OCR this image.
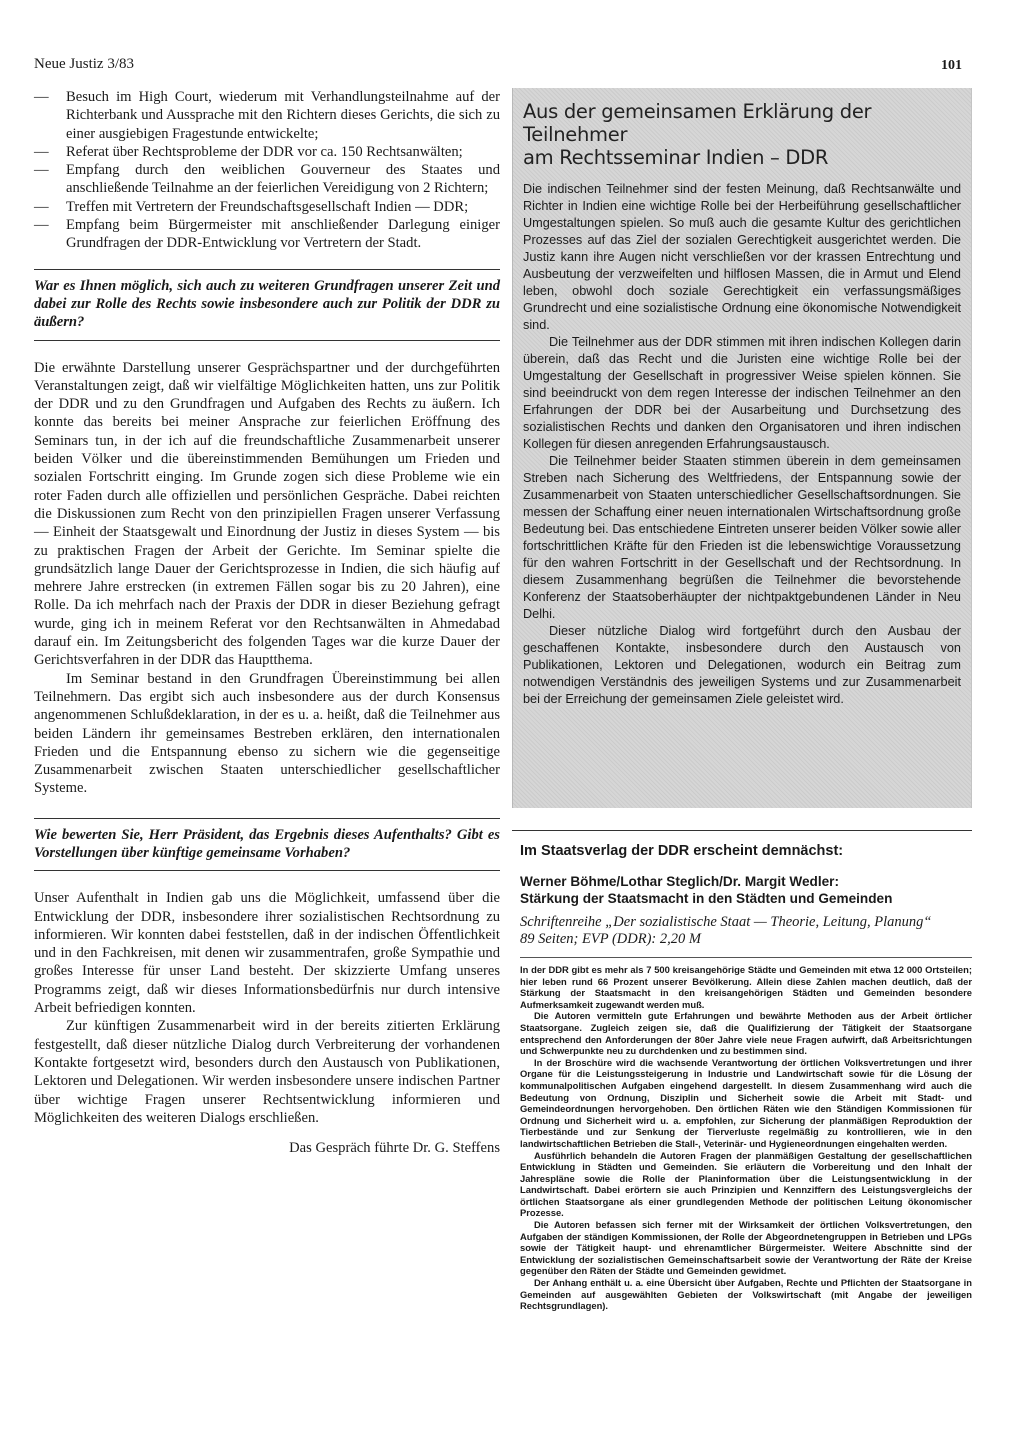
Neue Justiz 3/83	101
— Besuch im High Court, wiederum mit Verhandlungsteilnahme auf der Richterbank und Aussprache mit den Richtern dieses Gerichts, die sich zu einer ausgiebigen Fragestunde entwickelte;
— Referat über Rechtsprobleme der DDR vor ca. 150 Rechtsanwälten;
— Empfang durch den weiblichen Gouverneur des Staates und anschließende Teilnahme an der feierlichen Vereidigung von 2 Richtern;
— Treffen mit Vertretern der Freundschaftsgesellschaft Indien — DDR;
— Empfang beim Bürgermeister mit anschließender Darlegung einiger Grundfragen der DDR-Entwicklung vor Vertretern der Stadt.

War es Ihnen möglich, sich auch zu weiteren Grundfragen unserer Zeit und dabei zur Rolle des Rechts sowie insbesondere auch zur Politik der DDR zu äußern?

Die erwähnte Darstellung unserer Gesprächspartner und der durchgeführten Veranstaltungen zeigt, daß wir vielfältige Möglichkeiten hatten, uns zur Politik der DDR und zu den Grundfragen und Aufgaben des Rechts zu äußern. Ich konnte das bereits bei meiner Ansprache zur feierlichen Eröffnung des Seminars tun, in der ich auf die freundschaftliche Zusammenarbeit unserer beiden Völker und die übereinstimmenden Bemühungen um Frieden und sozialen Fortschritt einging. Im Grunde zogen sich diese Probleme wie ein roter Faden durch alle offiziellen und persönlichen Gespräche. Dabei reichten die Diskussionen zum Recht von den prinzipiellen Fragen unserer Verfassung — Einheit der Staatsgewalt und Einordnung der Justiz in dieses System — bis zu praktischen Fragen der Arbeit der Gerichte. Im Seminar spielte die grundsätzlich lange Dauer der Gerichtsprozesse in Indien, die sich häufig auf mehrere Jahre erstrecken (in extremen Fällen sogar bis zu 20 Jahren), eine Rolle. Da ich mehrfach nach der Praxis der DDR in dieser Beziehung gefragt wurde, ging ich in meinem Referat vor den Rechtsanwälten in Ahmedabad darauf ein. Im Zeitungsbericht des folgenden Tages war die kurze Dauer der Gerichtsverfahren in der DDR das Hauptthema.

Im Seminar bestand in den Grundfragen Übereinstimmung bei allen Teilnehmern. Das ergibt sich auch insbesondere aus der durch Konsensus angenommenen Schlußdeklaration, in der es u. a. heißt, daß die Teilnehmer aus beiden Ländern ihr gemeinsames Bestreben erklären, den internationalen Frieden und die Entspannung ebenso zu sichern wie die gegenseitige Zusammenarbeit zwischen Staaten unterschiedlicher gesellschaftlicher Systeme.

Wie bewerten Sie, Herr Präsident, das Ergebnis dieses Aufenthalts? Gibt es Vorstellungen über künftige gemeinsame Vorhaben?

Unser Aufenthalt in Indien gab uns die Möglichkeit, umfassend über die Entwicklung der DDR, insbesondere ihrer sozialistischen Rechtsordnung zu informieren. Wir konnten dabei feststellen, daß in der indischen Öffentlichkeit und in den Fachkreisen, mit denen wir zusammentrafen, große Sympathie und großes Interesse für unser Land besteht. Der skizzierte Umfang unseres Programms zeigt, daß wir dieses Informationsbedürfnis nur durch intensive Arbeit befriedigen konnten.

Zur künftigen Zusammenarbeit wird in der bereits zitierten Erklärung festgestellt, daß dieser nützliche Dialog durch Verbreiterung der vorhandenen Kontakte fortgesetzt wird, besonders durch den Austausch von Publikationen, Lektoren und Delegationen. Wir werden insbesondere unsere indischen Partner über wichtige Fragen unserer Rechtsentwicklung informieren und Möglichkeiten des weiteren Dialogs erschließen.

Das Gespräch führte Dr. G. Steffens

Aus der gemeinsamen Erklärung der Teilnehmer
am Rechtsseminar Indien – DDR

Die indischen Teilnehmer sind der festen Meinung, daß Rechtsanwälte und Richter in Indien eine wichtige Rolle bei der Herbeiführung gesellschaftlicher Umgestaltungen spielen. So muß auch die gesamte Kultur des gerichtlichen Prozesses auf das Ziel der sozialen Gerechtigkeit ausgerichtet werden. Die Justiz kann ihre Augen nicht verschließen vor der krassen Entrechtung und Ausbeutung der verzweifelten und hilflosen Massen, die in Armut und Elend leben, obwohl doch soziale Gerechtigkeit ein verfassungsmäßiges Grundrecht und eine sozialistische Ordnung eine ökonomische Notwendigkeit sind.

Die Teilnehmer aus der DDR stimmen mit ihren indischen Kollegen darin überein, daß das Recht und die Juristen eine wichtige Rolle bei der Umgestaltung der Gesellschaft in progressiver Weise spielen können. Sie sind beeindruckt von dem regen Interesse der indischen Teilnehmer an den Erfahrungen der DDR bei der Ausarbeitung und Durchsetzung des sozialistischen Rechts und danken den Organisatoren und ihren indischen Kollegen für diesen anregenden Erfahrungsaustausch.

Die Teilnehmer beider Staaten stimmen überein in dem gemeinsamen Streben nach Sicherung des Weltfriedens, der Entspannung sowie der Zusammenarbeit von Staaten unterschiedlicher Gesellschaftsordnungen. Sie messen der Schaffung einer neuen internationalen Wirtschaftsordnung große Bedeutung bei. Das entschiedene Eintreten unserer beiden Völker sowie aller fortschrittlichen Kräfte für den Frieden ist die lebenswichtige Voraussetzung für den wahren Fortschritt in der Gesellschaft und der Rechtsordnung. In diesem Zusammenhang begrüßen die Teilnehmer die bevorstehende Konferenz der Staatsoberhäupter der nichtpaktgebundenen Länder in Neu Delhi.

Dieser nützliche Dialog wird fortgeführt durch den Ausbau der geschaffenen Kontakte, insbesondere durch den Austausch von Publikationen, Lektoren und Delegationen, wodurch ein Beitrag zum notwendigen Verständnis des jeweiligen Systems und zur Zusammenarbeit bei der Erreichung der gemeinsamen Ziele geleistet wird.

Im Staatsverlag der DDR erscheint demnächst:

Werner Böhme/Lothar Steglich/Dr. Margit Wedler:

Stärkung der Staatsmacht in den Städten und Gemeinden

Schriftenreihe „Der sozialistische Staat — Theorie, Leitung, Planung“

89 Seiten; EVP (DDR): 2,20 M

In der DDR gibt es mehr als 7 500 kreisangehörige Städte und Gemeinden mit etwa 12 000 Ortsteilen; hier leben rund 66 Prozent unserer Bevölkerung. Allein diese Zahlen machen deutlich, daß der Stärkung der Staatsmacht in den kreisangehörigen Städten und Gemeinden besondere Aufmerksamkeit zugewandt werden muß.

Die Autoren vermitteln gute Erfahrungen und bewährte Methoden aus der Arbeit örtlicher Staatsorgane. Zugleich zeigen sie, daß die Qualifizierung der Tätigkeit der Staatsorgane entsprechend den Anforderungen der 80er Jahre viele neue Fragen aufwirft, daß Arbeitsrichtungen und Schwerpunkte neu zu durchdenken und zu bestimmen sind.

In der Broschüre wird die wachsende Verantwortung der örtlichen Volksvertretungen und ihrer Organe für die Leistungssteigerung in Industrie und Landwirtschaft sowie für die Lösung der kommunalpolitischen Aufgaben eingehend dargestellt. In diesem Zusammenhang wird auch die Bedeutung von Ordnung, Disziplin und Sicherheit sowie die Arbeit mit Stadt- und Gemeindeordnungen hervorgehoben. Den örtlichen Räten wie den Ständigen Kommissionen für Ordnung und Sicherheit wird u. a. empfohlen, zur Sicherung der planmäßigen Reproduktion der Tierbestände und zur Senkung der Tierverluste regelmäßig zu kontrollieren, wie in den landwirtschaftlichen Betrieben die Stall-, Veterinär- und Hygieneordnungen eingehalten werden.

Ausführlich behandeln die Autoren Fragen der planmäßigen Gestaltung der gesellschaftlichen Entwicklung in Städten und Gemeinden. Sie erläutern die Vorbereitung und den Inhalt der Jahrespläne sowie die Rolle der Planinformation über die Leistungsentwicklung in der Landwirtschaft. Dabei erörtern sie auch Prinzipien und Kennziffern des Leistungsvergleichs der örtlichen Staatsorgane als einer grundlegenden Methode der politischen Leitung ökonomischer Prozesse.

Die Autoren befassen sich ferner mit der Wirksamkeit der örtlichen Volksvertretungen, den Aufgaben der ständigen Kommissionen, der Rolle der Abgeordnetengruppen in Betrieben und LPGs sowie der Tätigkeit haupt- und ehrenamtlicher Bürgermeister. Weitere Abschnitte sind der Entwicklung der sozialistischen Gemeinschaftsarbeit sowie der Verantwortung der Räte der Kreise gegenüber den Räten der Städte und Gemeinden gewidmet.

Der Anhang enthält u. a. eine Übersicht über Aufgaben, Rechte und Pflichten der Staatsorgane in Gemeinden auf ausgewählten Gebieten der Volkswirtschaft (mit Angabe der jeweiligen Rechtsgrundlagen).
